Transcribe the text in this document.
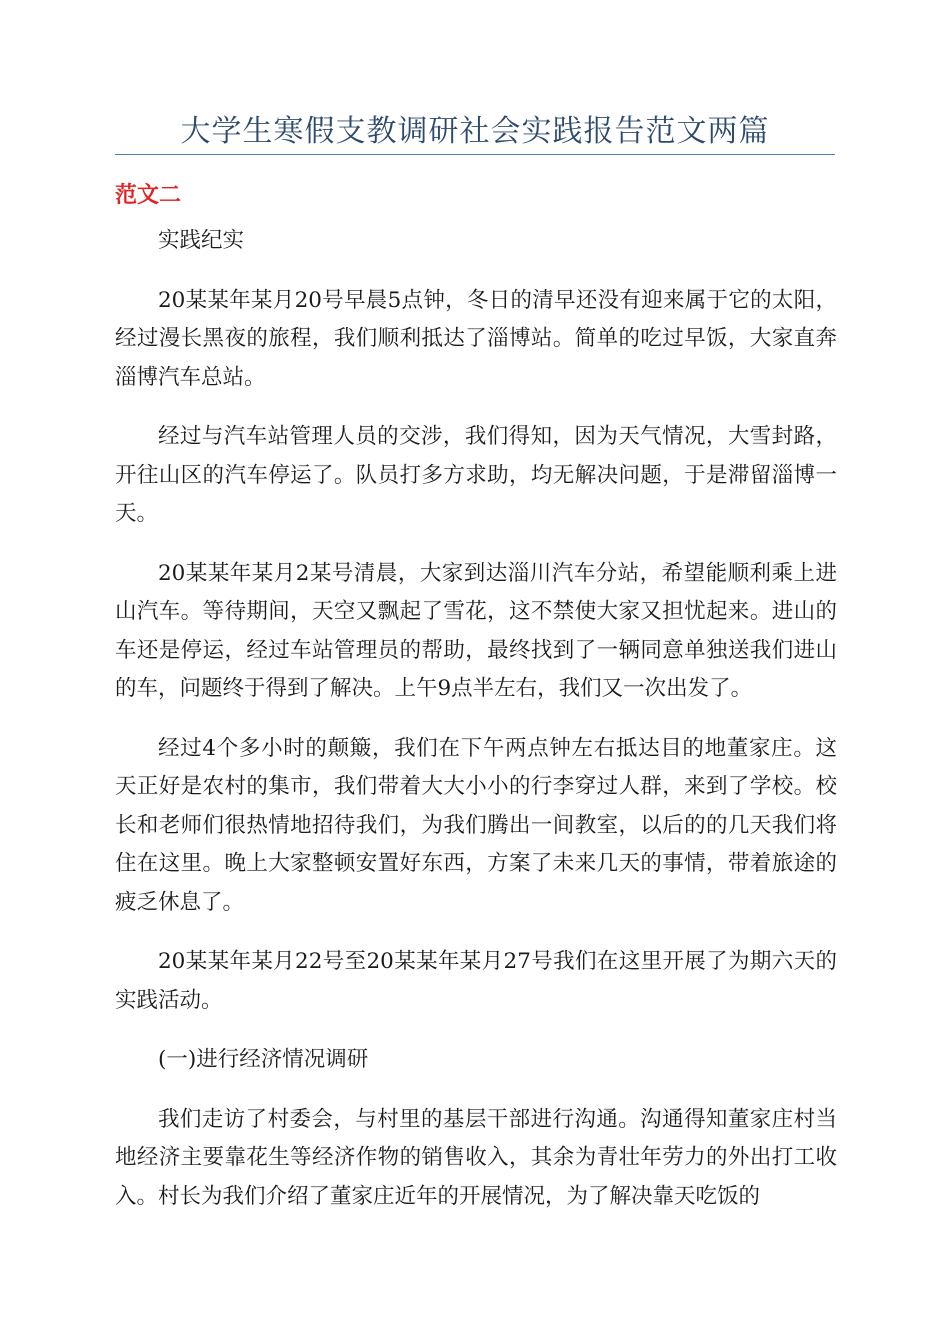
大学生寒假支教调研社会实践报告范文两篇
范文二

实践纪实

20某某年某月20号早晨5点钟，冬日的清早还没有迎来属于它的太阳，经过漫长黑夜的旅程，我们顺利抵达了淄博站。简单的吃过早饭，大家直奔淄博汽车总站。

经过与汽车站管理人员的交涉，我们得知，因为天气情况，大雪封路，开往山区的汽车停运了。队员打多方求助，均无解决问题，于是滞留淄博一天。

20某某年某月2某号清晨，大家到达淄川汽车分站，希望能顺利乘上进山汽车。等待期间，天空又飘起了雪花，这不禁使大家又担忧起来。进山的车还是停运，经过车站管理员的帮助，最终找到了一辆同意单独送我们进山的车，问题终于得到了解决。上午9点半左右，我们又一次出发了。

经过4个多小时的颠簸，我们在下午两点钟左右抵达目的地董家庄。这天正好是农村的集市，我们带着大大小小的行李穿过人群，来到了学校。校长和老师们很热情地招待我们，为我们腾出一间教室，以后的的几天我们将住在这里。晚上大家整顿安置好东西，方案了未来几天的事情，带着旅途的疲乏休息了。

20某某年某月22号至20某某年某月27号我们在这里开展了为期六天的实践活动。

(一)进行经济情况调研

我们走访了村委会，与村里的基层干部进行沟通。沟通得知董家庄村当地经济主要靠花生等经济作物的销售收入，其余为青壮年劳力的外出打工收入。村长为我们介绍了董家庄近年的开展情况，为了解决靠天吃饭的
